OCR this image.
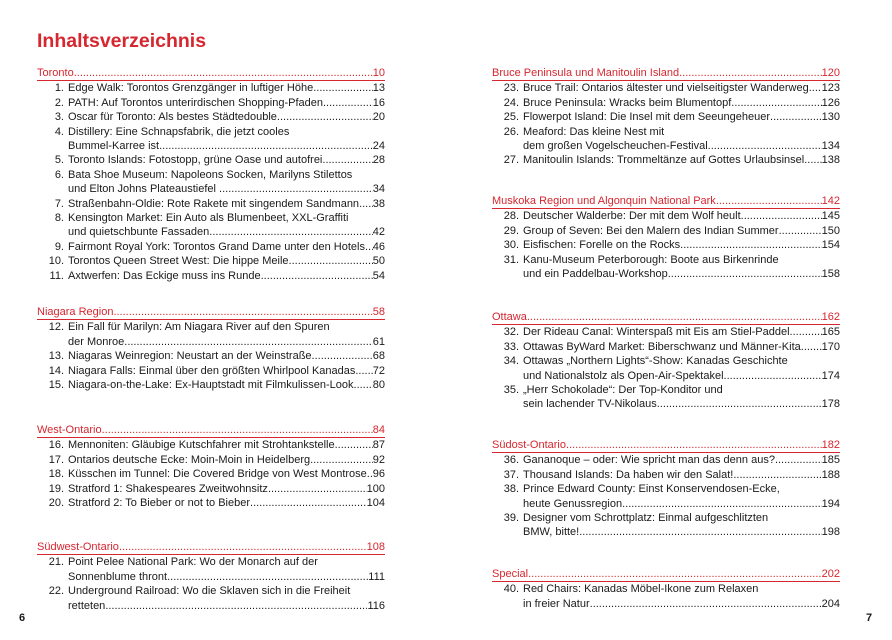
Inhaltsverzeichnis
Toronto .....	10
1. Edge Walk: Torontos Grenzgänger in luftiger Höhe .....	13
2. PATH: Auf Torontos unterirdischen Shopping-Pfaden .....	16
3. Oscar für Toronto: Als bestes Städtedouble .....	20
4. Distillery: Eine Schnapsfabrik, die jetzt cooles
Bummel-Karree ist .....	24
5. Toronto Islands: Fotostopp, grüne Oase und autofrei .....	28
6. Bata Shoe Museum: Napoleons Socken, Marilyns Stilettos
und Elton Johns Plateaustiefel ... .....	34
7. Straßenbahn-Oldie: Rote Rakete mit singendem Sandmann ..... 38
8. Kensington Market: Ein Auto als Blumenbeet, XXL-Graffiti
und quietschbunte Fassaden .....	42
9. Fairmont Royal York: Torontos Grand Dame unter den Hotels ..... 46
10. Torontos Queen Street West: Die hippe Meile .....	50
11. Axtwerfen: Das Eckige muss ins Runde .....	54
Niagara Region .....	58
12. Ein Fall für Marilyn: Am Niagara River auf den Spuren
der Monroe .....	61
13. Niagaras Weinregion: Neustart an der Weinstraße .....	68
14. Niagara Falls: Einmal über den größten Whirlpool Kanadas ..... 72
15. Niagara-on-the-Lake: Ex-Hauptstadt mit Filmkulissen-Look ..... 80
West-Ontario .....	84
16. Mennoniten: Gläubige Kutschfahrer mit Strohtankstelle .....	87
17. Ontarios deutsche Ecke: Moin-Moin in Heidelberg .....	92
18. Küsschen im Tunnel: Die Covered Bridge von West Montrose ..... 96
19. Stratford 1: Shakespeares Zweitwohnsitz .....	100
20. Stratford 2: To Bieber or not to Bieber .....	104
Südwest-Ontario .....	108
21. Point Pelee National Park: Wo der Monarch auf der
Sonnenblume thront .....	111
22. Underground Railroad: Wo die Sklaven sich in die Freiheit
retteten .....	116
Bruce Peninsula und Manitoulin Island .....	120
23. Bruce Trail: Ontarios ältester und vielseitigster Wanderweg ..... 123
24. Bruce Peninsula: Wracks beim Blumentopf .....	126
25. Flowerpot Island: Die Insel mit dem Seeungeheuer .....	130
26. Meaford: Das kleine Nest mit
dem großen Vogelscheuchen-Festival .....	134
27. Manitoulin Islands: Trommeltänze auf Gottes Urlaubsinsel ..... 138
Muskoka Region und Algonquin National Park .....	142
28. Deutscher Walderbe: Der mit dem Wolf heult .....	145
29. Group of Seven: Bei den Malern des Indian Summer .....	150
30. Eisfischen: Forelle on the Rocks .....	154
31. Kanu-Museum Peterborough: Boote aus Birkenrinde
und ein Paddelbau-Workshop .....	158
Ottawa .....	162
32. Der Rideau Canal: Winterspaß mit Eis am Stiel-Paddel .....	165
33. Ottawas ByWard Market: Biberschwanz und Männer-Kita ..... 170
34. Ottawas „Northern Lights“-Show: Kanadas Geschichte
und Nationalstolz als Open-Air-Spektakel .....	174
35. „Herr Schokolade“: Der Top-Konditor und
sein lachender TV-Nikolaus .....	178
Südost-Ontario .....	182
36. Gananoque – oder: Wie spricht man das denn aus? .....	185
37. Thousand Islands: Da haben wir den Salat! .....	188
38. Prince Edward County: Einst Konservendosen-Ecke,
heute Genussregion .....	194
39. Designer vom Schrottplatz: Einmal aufgeschlitzten
BMW, bitte! .....	198
Special .....	202
40. Red Chairs: Kanadas Möbel-Ikone zum Relaxen
in freier Natur .....	204
6	7
